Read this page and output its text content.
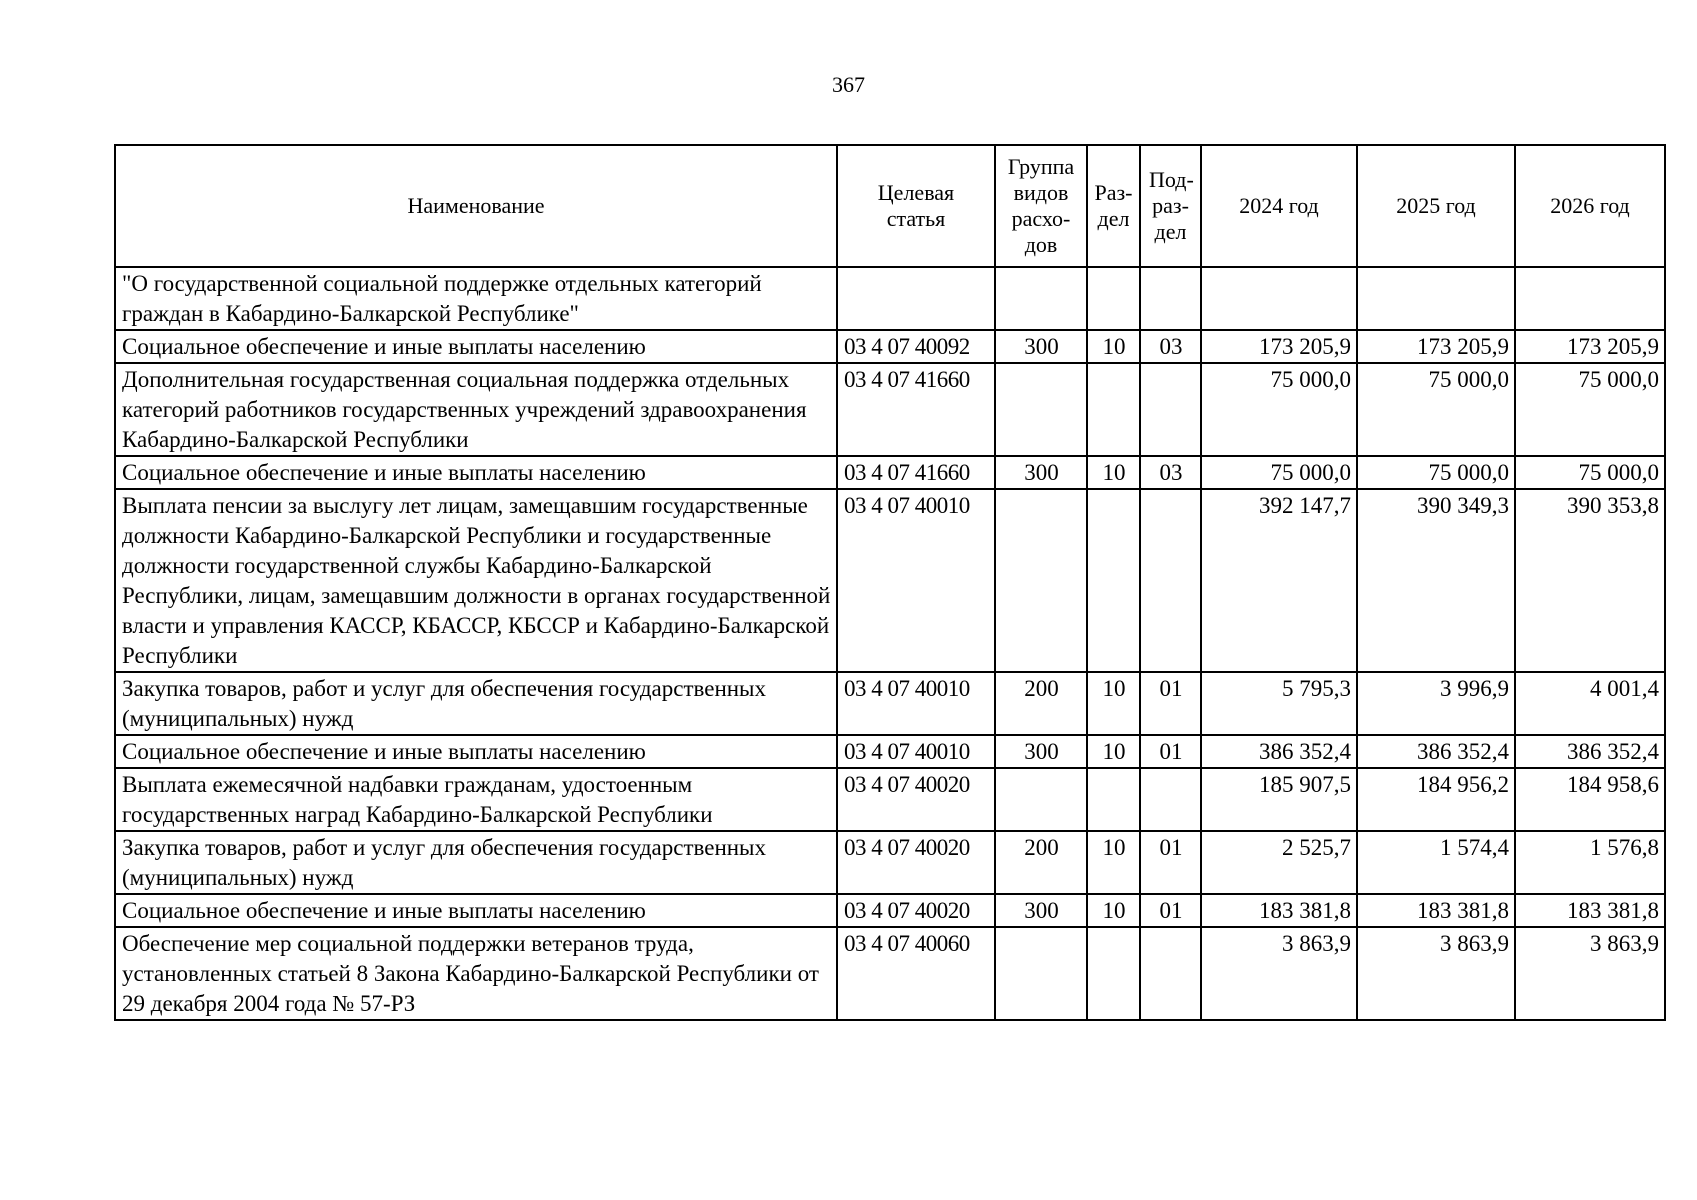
367
Наименование	Целевая статья	Группа видов расхо-дов	Раз-дел	Под-раз-дел	2024 год	2025 год	2026 год
"О государственной социальной поддержке отдельных категорий граждан в Кабардино-Балкарской Республике"							
Социальное обеспечение и иные выплаты населению	03 4 07 40092	300	10	03	173 205,9	173 205,9	173 205,9
Дополнительная государственная социальная поддержка отдельных категорий работников государственных учреждений здравоохранения Кабардино-Балкарской Республики	03 4 07 41660				75 000,0	75 000,0	75 000,0
Социальное обеспечение и иные выплаты населению	03 4 07 41660	300	10	03	75 000,0	75 000,0	75 000,0
Выплата пенсии за выслугу лет лицам, замещавшим государственные должности Кабардино-Балкарской Республики и государственные должности государственной службы Кабардино-Балкарской Республики, лицам, замещавшим должности в органах государственной власти и управления КАССР, КБАССР, КБССР и Кабардино-Балкарской Республики	03 4 07 40010				392 147,7	390 349,3	390 353,8
Закупка товаров, работ и услуг для обеспечения государственных (муниципальных) нужд	03 4 07 40010	200	10	01	5 795,3	3 996,9	4 001,4
Социальное обеспечение и иные выплаты населению	03 4 07 40010	300	10	01	386 352,4	386 352,4	386 352,4
Выплата ежемесячной надбавки гражданам, удостоенным государственных наград Кабардино-Балкарской Республики	03 4 07 40020				185 907,5	184 956,2	184 958,6
Закупка товаров, работ и услуг для обеспечения государственных (муниципальных) нужд	03 4 07 40020	200	10	01	2 525,7	1 574,4	1 576,8
Социальное обеспечение и иные выплаты населению	03 4 07 40020	300	10	01	183 381,8	183 381,8	183 381,8
Обеспечение мер социальной поддержки ветеранов труда, установленных статьей 8 Закона Кабардино-Балкарской Республики от 29 декабря 2004 года № 57-РЗ	03 4 07 40060				3 863,9	3 863,9	3 863,9
